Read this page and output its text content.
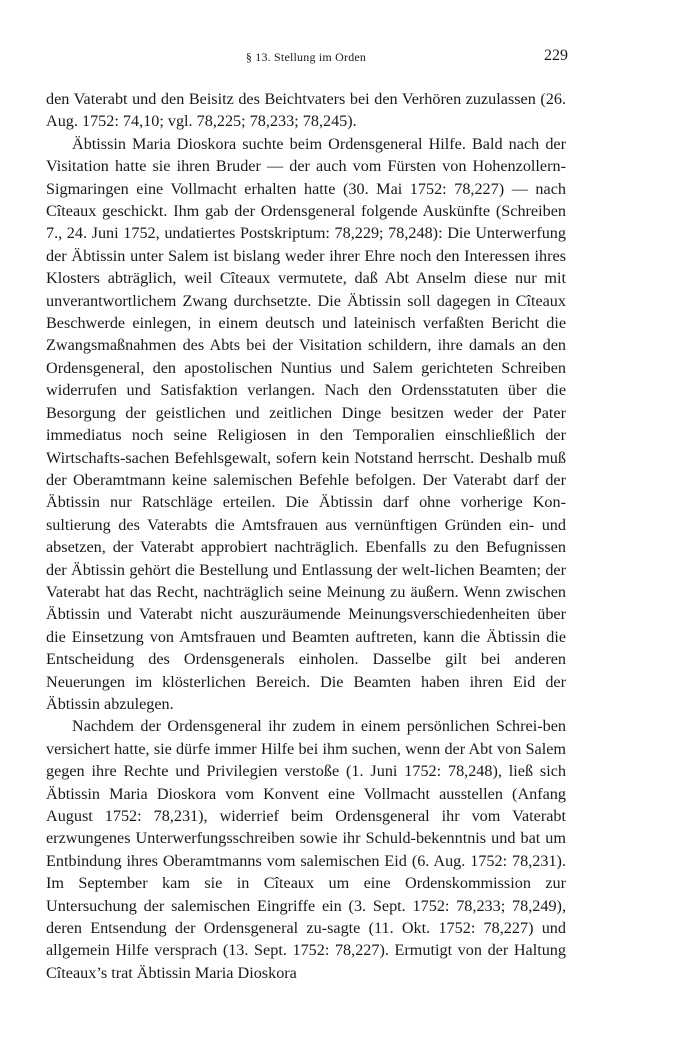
§ 13. Stellung im Orden	229

den Vaterabt und den Beisitz des Beichtvaters bei den Verhören zuzulassen (26. Aug. 1752: 74,10; vgl. 78,225; 78,233; 78,245).

Äbtissin Maria Dioskora suchte beim Ordensgeneral Hilfe. Bald nach der Visitation hatte sie ihren Bruder — der auch vom Fürsten von Hohenzollern-Sigmaringen eine Vollmacht erhalten hatte (30. Mai 1752: 78,227) — nach Cîteaux geschickt. Ihm gab der Ordensgeneral folgende Auskünfte (Schreiben 7., 24. Juni 1752, undatiertes Postskriptum: 78,229; 78,248): Die Unterwerfung der Äbtissin unter Salem ist bislang weder ihrer Ehre noch den Interessen ihres Klosters abträglich, weil Cîteaux vermutete, daß Abt Anselm diese nur mit unverantwortlichem Zwang durchsetzte. Die Äbtissin soll dagegen in Cîteaux Beschwerde einlegen, in einem deutsch und lateinisch verfaßten Bericht die Zwangsmaßnahmen des Abts bei der Visitation schildern, ihre damals an den Ordensgeneral, den apostolischen Nuntius und Salem gerichteten Schreiben widerrufen und Satisfaktion verlangen. Nach den Ordensstatuten über die Besorgung der geistlichen und zeitlichen Dinge besitzen weder der Pater immediatus noch seine Religiosen in den Temporalien einschließlich der Wirtschafts-sachen Befehlsgewalt, sofern kein Notstand herrscht. Deshalb muß der Oberamtmann keine salemischen Befehle befolgen. Der Vaterabt darf der Äbtissin nur Ratschläge erteilen. Die Äbtissin darf ohne vorherige Kon-sultierung des Vaterabts die Amtsfrauen aus vernünftigen Gründen ein- und absetzen, der Vaterabt approbiert nachträglich. Ebenfalls zu den Befugnissen der Äbtissin gehört die Bestellung und Entlassung der welt-lichen Beamten; der Vaterabt hat das Recht, nachträglich seine Meinung zu äußern. Wenn zwischen Äbtissin und Vaterabt nicht auszuräumende Meinungsverschiedenheiten über die Einsetzung von Amtsfrauen und Beamten auftreten, kann die Äbtissin die Entscheidung des Ordensgenerals einholen. Dasselbe gilt bei anderen Neuerungen im klösterlichen Bereich. Die Beamten haben ihren Eid der Äbtissin abzulegen.

Nachdem der Ordensgeneral ihr zudem in einem persönlichen Schrei-ben versichert hatte, sie dürfe immer Hilfe bei ihm suchen, wenn der Abt von Salem gegen ihre Rechte und Privilegien verstoße (1. Juni 1752: 78,248), ließ sich Äbtissin Maria Dioskora vom Konvent eine Vollmacht ausstellen (Anfang August 1752: 78,231), widerrief beim Ordensgeneral ihr vom Vaterabt erzwungenes Unterwerfungsschreiben sowie ihr Schuld-bekenntnis und bat um Entbindung ihres Oberamtmanns vom salemischen Eid (6. Aug. 1752: 78,231). Im September kam sie in Cîteaux um eine Ordenskommission zur Untersuchung der salemischen Eingriffe ein (3. Sept. 1752: 78,233; 78,249), deren Entsendung der Ordensgeneral zu-sagte (11. Okt. 1752: 78,227) und allgemein Hilfe versprach (13. Sept. 1752: 78,227). Ermutigt von der Haltung Cîteaux’s trat Äbtissin Maria Dioskora
